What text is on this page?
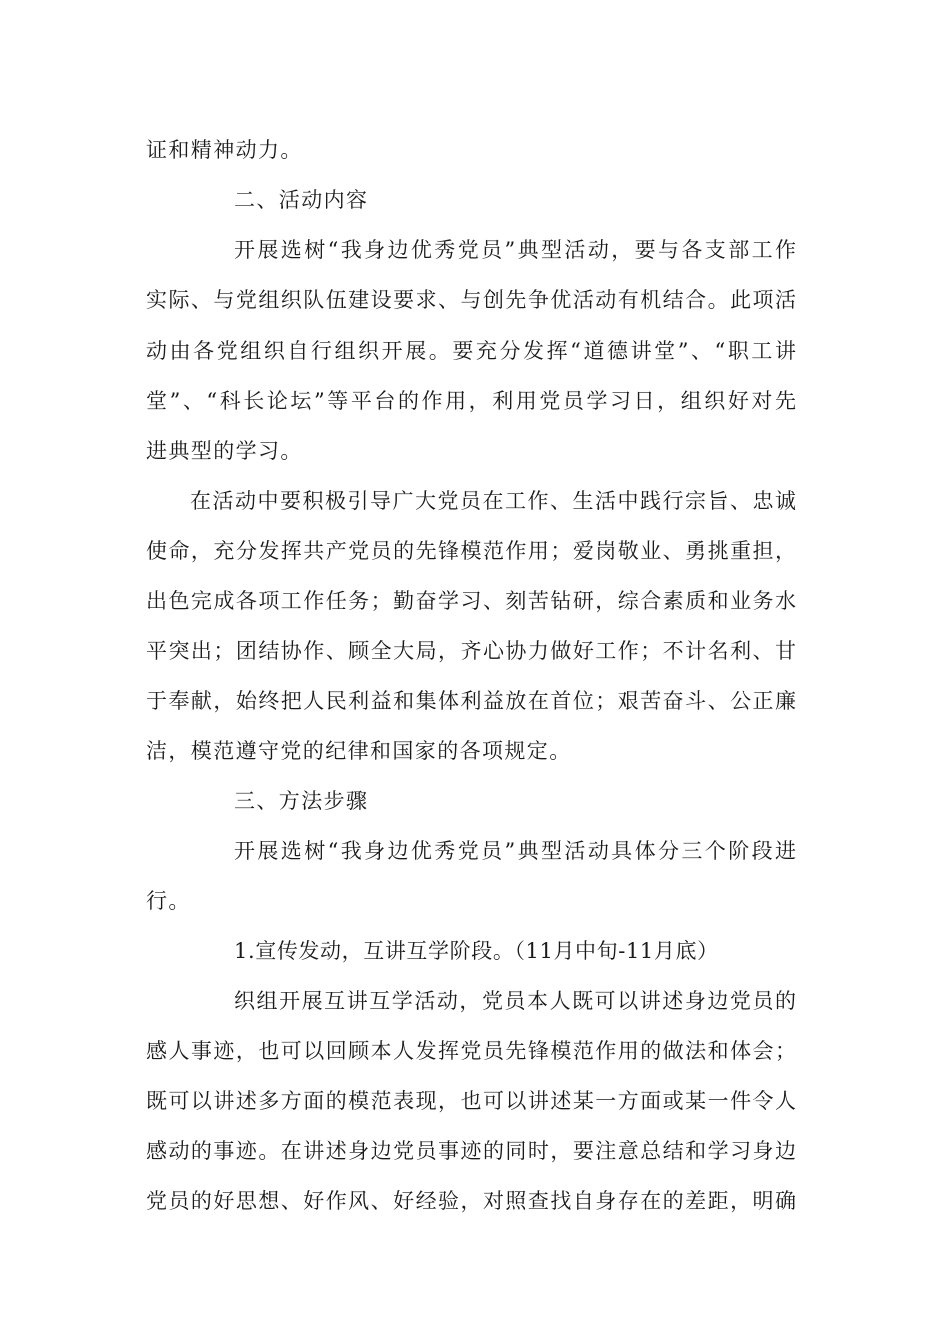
证和精神动力。
二、活动内容
开展选树“我身边优秀党员”典型活动，要与各支部工作
实际、与党组织队伍建设要求、与创先争优活动有机结合。此项活
动由各党组织自行组织开展。要充分发挥“道德讲堂”、“职工讲
堂”、“科长论坛”等平台的作用，利用党员学习日，组织好对先
进典型的学习。
在活动中要积极引导广大党员在工作、生活中践行宗旨、忠诚
使命，充分发挥共产党员的先锋模范作用；爱岗敬业、勇挑重担，
出色完成各项工作任务；勤奋学习、刻苦钻研，综合素质和业务水
平突出；团结协作、顾全大局，齐心协力做好工作；不计名利、甘
于奉献，始终把人民利益和集体利益放在首位；艰苦奋斗、公正廉
洁，模范遵守党的纪律和国家的各项规定。
三、方法步骤
开展选树“我身边优秀党员”典型活动具体分三个阶段进
行。
1.宣传发动，互讲互学阶段。（11月中旬-11月底）
织组开展互讲互学活动，党员本人既可以讲述身边党员的
感人事迹，也可以回顾本人发挥党员先锋模范作用的做法和体会；
既可以讲述多方面的模范表现，也可以讲述某一方面或某一件令人
感动的事迹。在讲述身边党员事迹的同时，要注意总结和学习身边
党员的好思想、好作风、好经验，对照查找自身存在的差距，明确
